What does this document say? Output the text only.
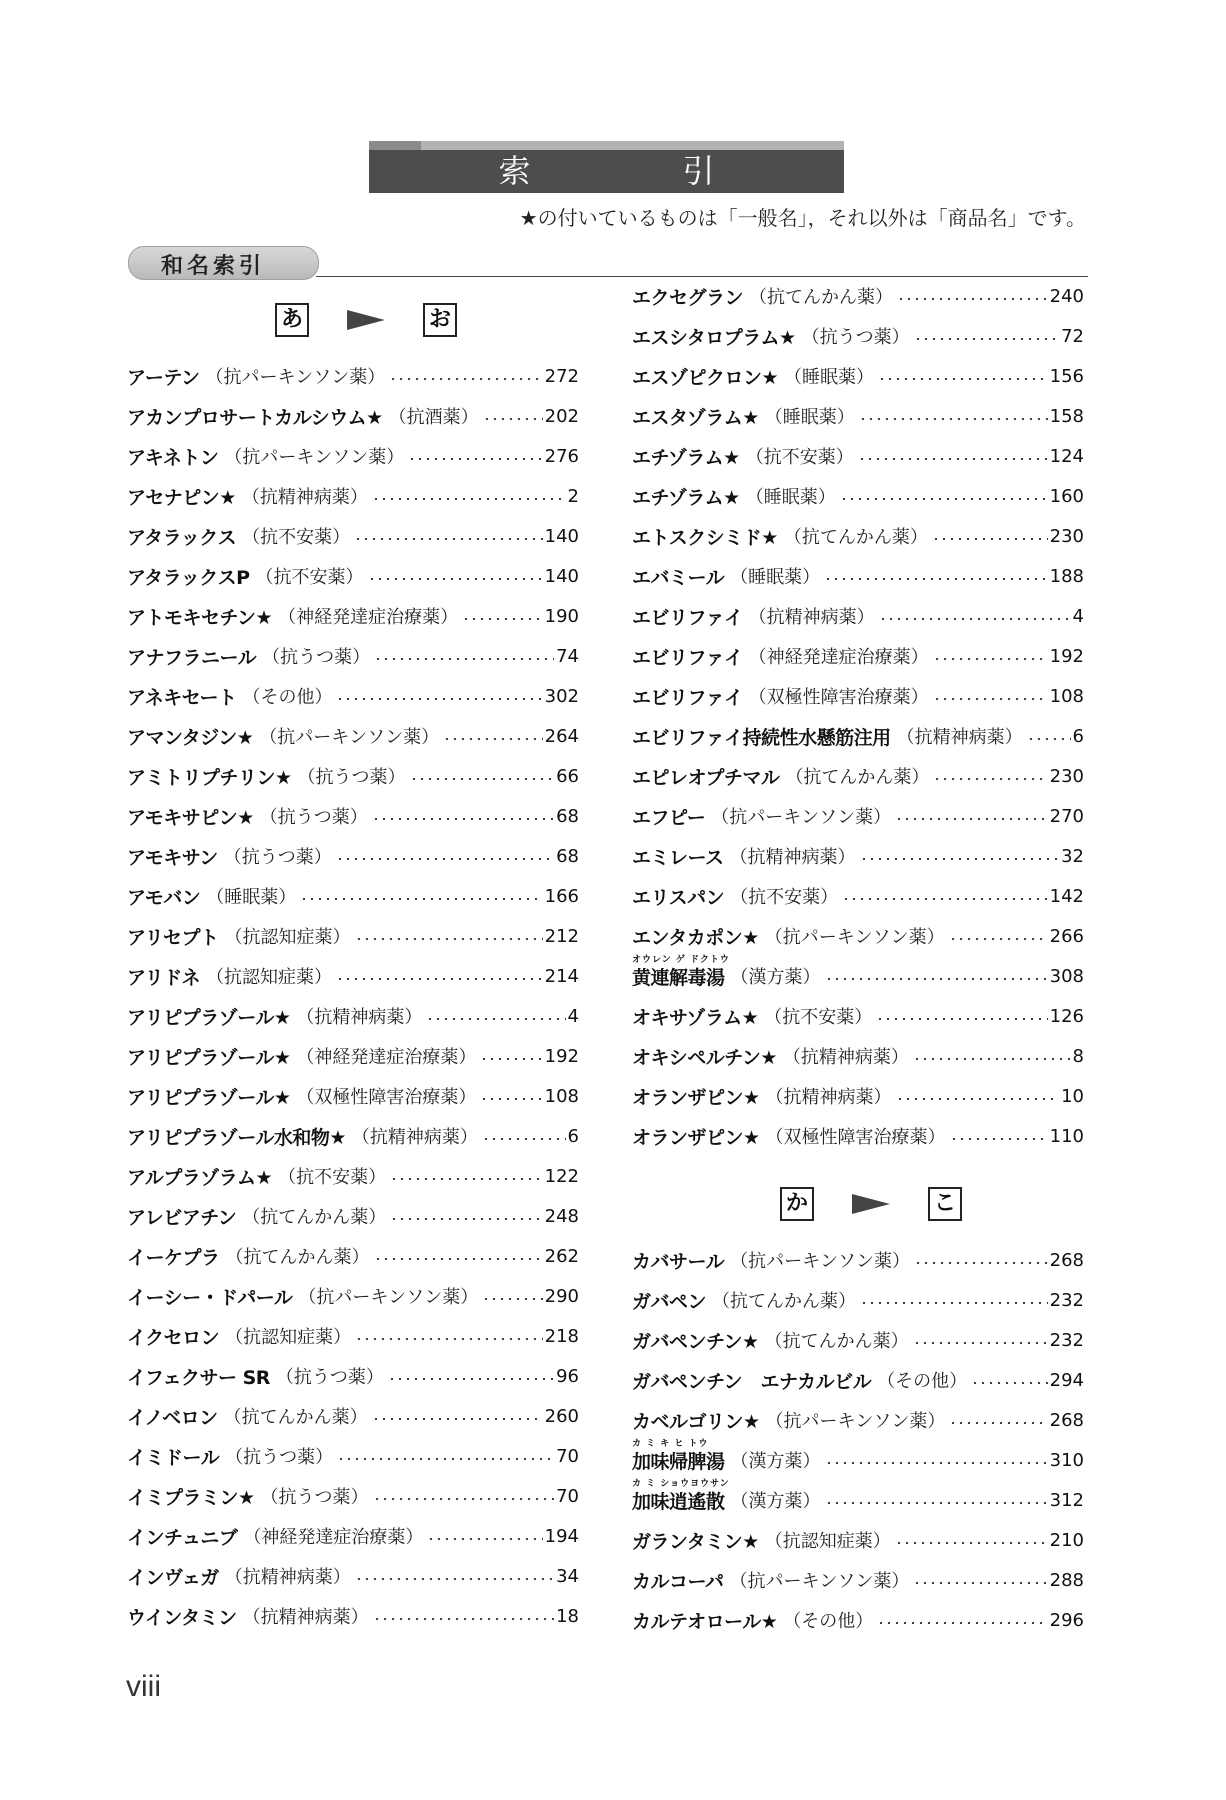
索　引
★の付いているものは「一般名」，それ以外は「商品名」です。
和名索引
あ	お
アーテン （抗パーキンソン薬）	272
アカンプロサートカルシウム★ （抗酒薬）	202
アキネトン （抗パーキンソン薬）	276
アセナピン★ （抗精神病薬）	2
アタラックス （抗不安薬）	140
アタラックスP （抗不安薬）	140
アトモキセチン★ （神経発達症治療薬）	190
アナフラニール （抗うつ薬）	74
アネキセート （その他）	302
アマンタジン★ （抗パーキンソン薬）	264
アミトリプチリン★ （抗うつ薬）	66
アモキサピン★ （抗うつ薬）	68
アモキサン （抗うつ薬）	68
アモバン （睡眠薬）	166
アリセプト （抗認知症薬）	212
アリドネ （抗認知症薬）	214
アリピプラゾール★ （抗精神病薬）	4
アリピプラゾール★ （神経発達症治療薬）	192
アリピプラゾール★ （双極性障害治療薬）	108
アリピプラゾール水和物★ （抗精神病薬）	6
アルプラゾラム★ （抗不安薬）	122
アレビアチン （抗てんかん薬）	248
イーケプラ （抗てんかん薬）	262
イーシー・ドパール （抗パーキンソン薬）	290
イクセロン （抗認知症薬）	218
イフェクサー SR （抗うつ薬）	96
イノベロン （抗てんかん薬）	260
イミドール （抗うつ薬）	70
イミプラミン★ （抗うつ薬）	70
インチュニブ （神経発達症治療薬）	194
インヴェガ （抗精神病薬）	34
ウインタミン （抗精神病薬）	18
エクセグラン （抗てんかん薬）	240
エスシタロプラム★ （抗うつ薬）	72
エスゾピクロン★ （睡眠薬）	156
エスタゾラム★ （睡眠薬）	158
エチゾラム★ （抗不安薬）	124
エチゾラム★ （睡眠薬）	160
エトスクシミド★ （抗てんかん薬）	230
エバミール （睡眠薬）	188
エビリファイ （抗精神病薬）	4
エビリファイ （神経発達症治療薬）	192
エビリファイ （双極性障害治療薬）	108
エビリファイ持続性水懸筋注用 （抗精神病薬）	6
エピレオプチマル （抗てんかん薬）	230
エフピー （抗パーキンソン薬）	270
エミレース （抗精神病薬）	32
エリスパン （抗不安薬）	142
エンタカポン★ （抗パーキンソン薬）	266
オウレン ゲ ドクトウ
黄連解毒湯 （漢方薬）	308
オキサゾラム★ （抗不安薬）	126
オキシペルチン★ （抗精神病薬）	8
オランザピン★ （抗精神病薬）	10
オランザピン★ （双極性障害治療薬）	110
か	こ
カバサール （抗パーキンソン薬）	268
ガバペン （抗てんかん薬）	232
ガバペンチン★ （抗てんかん薬）	232
ガバペンチン　エナカルビル （その他）	294
カベルゴリン★ （抗パーキンソン薬）	268
カ ミ キ ヒ トウ
加味帰脾湯 （漢方薬）	310
カ ミ ショウヨウサン
加味逍遙散 （漢方薬）	312
ガランタミン★ （抗認知症薬）	210
カルコーパ （抗パーキンソン薬）	288
カルテオロール★ （その他）	296
viii
